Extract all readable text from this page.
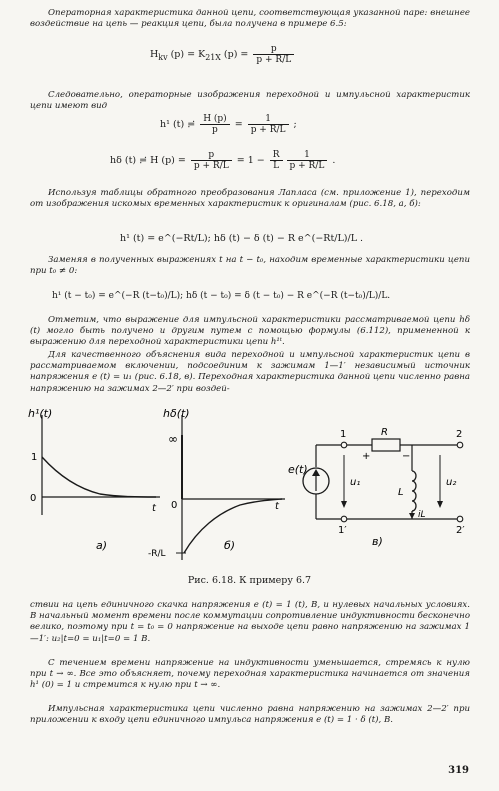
Операторная характеристика данной цепи, соответствующая указанной паре: внешнее воздействие на цепь — реакция цепи, была получена в примере 6.5:

$H_{kv}$ $(p) = K_{21X}$ $(p) = \frac{p}{p + R/L}$

Следовательно, операторные изображения переходной и импульсной характеристик цепи имеют вид

h¹ (t) ≓ $\frac{H (p)}{p} = \frac{1}{p + R/L}$ ;
hδ (t) ≓ H $(p) = \frac{p}{p + R/L} = 1 - \frac{R}{L} \frac{1}{p + R/L}$ .

Используя таблицы обратного преобразования Лапласа (см. приложение 1), переходим от изображения искомых временных характеристик к оригиналам (рис. 6.18, а, б):

h¹ (t) = e^(−Rt/L); hδ (t) − δ (t) − R e^(−Rt/L)/L .

Заменяя в полученных выражениях t на t − t₀, находим временные характеристики цепи при t₀ ≠ 0:

h¹ (t − t₀) = e^(−R (t−t₀)/L); hδ (t − t₀) = δ (t − t₀) − R e^(−R (t−t₀)/L)/L.

Отметим, что выражение для импульсной характеристики рассматриваемой цепи hδ (t) могло быть получено и другим путем с помощью формулы (6.112), примененной к выражению для переходной характеристики цепи h¹ᵗ.

Для качественного объяснения вида переходной и импульсной характеристик цепи в рассматриваемом включении, подсоединим к зажимам 1—1′ независимый источник напряжения e (t) = u₁ (рис. 6.18, в). Переходная характеристика данной цепи численно равна напряжению на зажимах 2—2′ при воздей-

h¹(t)
1
0
t
а)
hδ(t)
∞
0	t
-R/L
б)
e(t)
1
1′
2
2′
R
+	−
L
u₁	u₂
iL
в)
Рис. 6.18. К примеру 6.7

ствии на цепь единичного скачка напряжения e (t) = 1 (t), В, и нулевых начальных условиях. В начальный момент времени после коммутации сопротивление индуктивности бесконечно велико, поэтому при t = t₀ = 0 напряжение на выходе цепи равно напряжению на зажимах 1—1′: u₂|t=0 = u₁|t=0 = 1 В.

С течением времени напряжение на индуктивности уменьшается, стремясь к нулю при t → ∞. Все это объясняет, почему переходная характеристика начинается от значения h¹ (0) = 1 и стремится к нулю при t → ∞.

Импульсная характеристика цепи численно равна напряжению на зажимах 2—2′ при приложении к входу цепи единичного импульса напряжения e (t) = 1 · δ (t), В.

319
